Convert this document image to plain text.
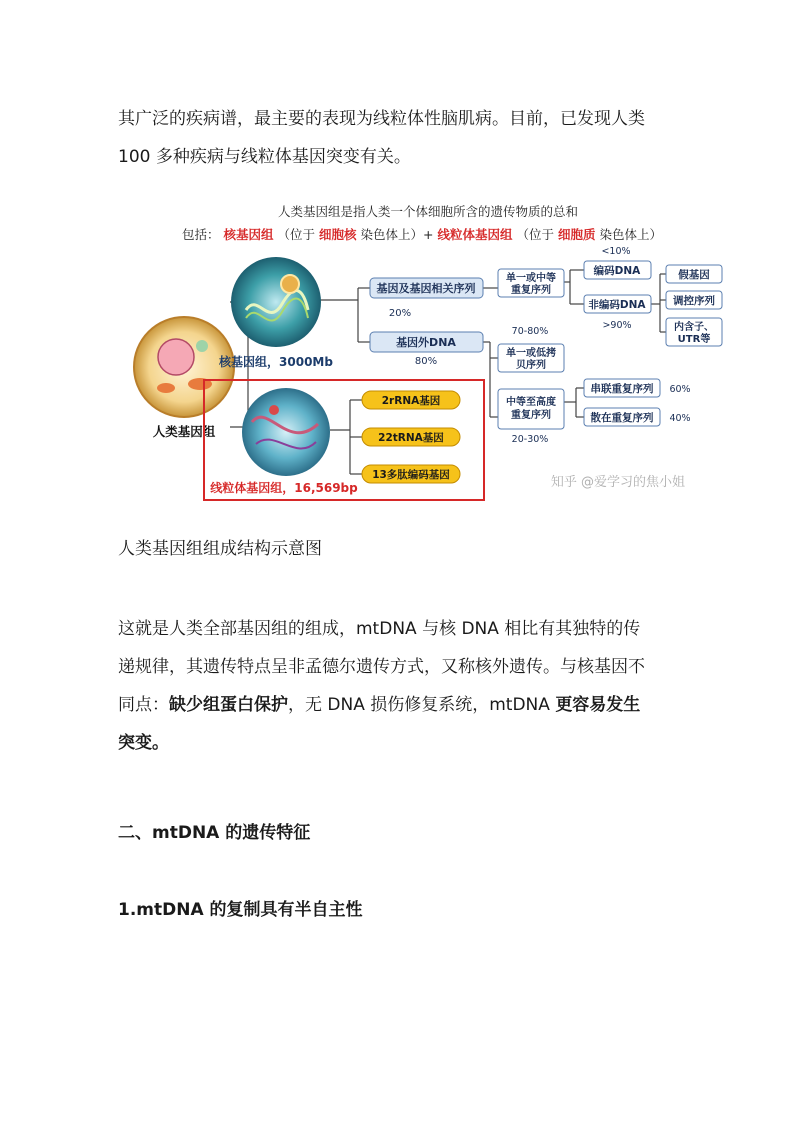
其广泛的疾病谱，最主要的表现为线粒体性脑肌病。目前，已发现人类
100 多种疾病与线粒体基因突变有关。
人类基因组是指人类一个体细胞所含的遗传物质的总和
包括： 核基因组 （位于 细胞核 染色体上）+ 线粒体基因组 （位于 细胞质 染色体上）
人类基因组
核基因组，3000Mb
线粒体基因组，16,569bp
基因及基因相关序列
20%
基因外DNA
80%
单一或中等
重复序列
70-80%
单一或低拷
贝序列
中等至高度
重复序列
20-30%
<10%
编码DNA
非编码DNA
>90%
串联重复序列 60%
散在重复序列 40%
假基因
调控序列
内含子、
UTR等
2rRNA基因
22tRNA基因
13多肽编码基因	知乎 @爱学习的焦小姐
人类基因组组成结构示意图
这就是人类全部基因组的组成，mtDNA 与核 DNA 相比有其独特的传
递规律，其遗传特点呈非孟德尔遗传方式，又称核外遗传。与核基因不
同点：缺少组蛋白保护，无 DNA 损伤修复系统，mtDNA 更容易发生
突变。
二、mtDNA 的遗传特征
1.mtDNA 的复制具有半自主性
